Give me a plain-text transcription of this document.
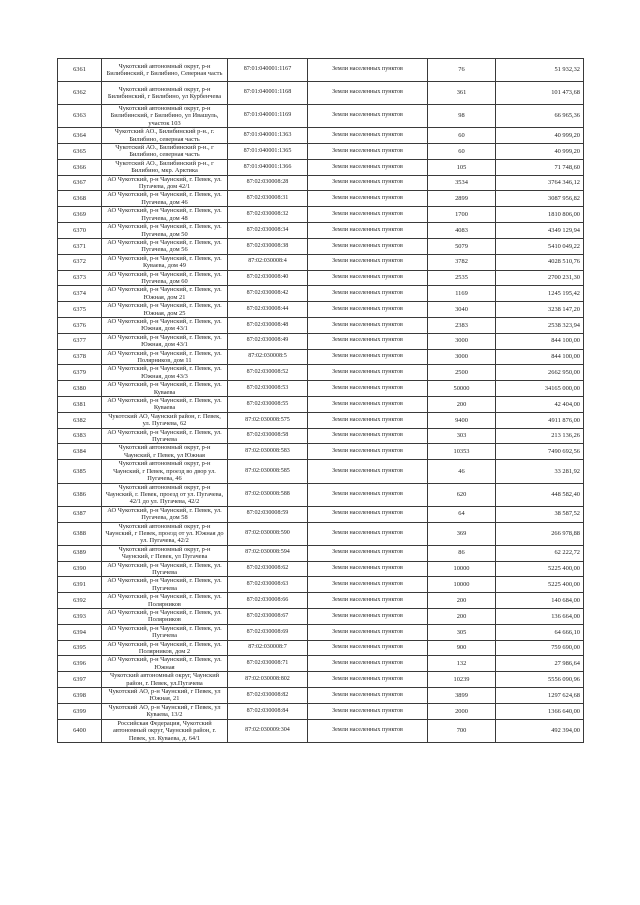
6361	Чукотский автономный округ, р-н Билибинский, г Билибино, Северная часть	87:01:040001:1167	Земли населенных пунктов	76	51 932,32
6362	Чукотский автономный округ, р-н Билибинский, г Билибино, ул Курбенчева	87:01:040001:1168	Земли населенных пунктов	361	101 473,68
6363	Чукотский автономный округ, р-н Билибинский, г Билибино, ул Ивашуль, участок 103	87:01:040001:1169	Земли населенных пунктов	98	66 965,36
6364	Чукотский АО., Билибинский р-н., г. Билибино, северная часть	87:01:040001:1363	Земли населенных пунктов	60	40 999,20
6365	Чукотский АО., Билибинский р-н., г Билибино, северная часть	87:01:040001:1365	Земли населенных пунктов	60	40 999,20
6366	Чукотский АО., Билибинский р-н., г Билибино, мкр. Арктика	87:01:040001:1366	Земли населенных пунктов	105	71 748,60
6367	АО Чукотский, р-н Чаунский, г. Певек, ул. Пугачева, дом 42/1	87:02:030008:28	Земли населенных пунктов	3534	3764 346,12
6368	АО Чукотский, р-н Чаунский, г. Певек, ул. Пугачева, дом 46	87:02:030008:31	Земли населенных пунктов	2899	3087 956,82
6369	АО Чукотский, р-н Чаунский, г. Певек, ул. Пугачева, дом 48	87:02:030008:32	Земли населенных пунктов	1700	1810 806,00
6370	АО Чукотский, р-н Чаунский, г. Певек, ул. Пугачева, дом 50	87:02:030008:34	Земли населенных пунктов	4083	4349 129,94
6371	АО Чукотский, р-н Чаунский, г. Певек, ул. Пугачева, дом 56	87:02:030008:38	Земли населенных пунктов	5079	5410 049,22
6372	АО Чукотский, р-н Чаунский, г. Певек, ул. Куваева, дом 49	87:02:030008:4	Земли населенных пунктов	3782	4028 510,76
6373	АО Чукотский, р-н Чаунский, г. Певек, ул. Пугачева, дом 60	87:02:030008:40	Земли населенных пунктов	2535	2700 231,30
6374	АО Чукотский, р-н Чаунский, г. Певек, ул. Южная, дом 21	87:02:030008:42	Земли населенных пунктов	1169	1245 195,42
6375	АО Чукотский, р-н Чаунский, г. Певек, ул. Южная, дом 25	87:02:030008:44	Земли населенных пунктов	3040	3238 147,20
6376	АО Чукотский, р-н Чаунский, г. Певек, ул. Южная, дом 43/1	87:02:030008:48	Земли населенных пунктов	2383	2538 323,94
6377	АО Чукотский, р-н Чаунский, г. Певек, ул. Южная, дом 43/1	87:02:030008:49	Земли населенных пунктов	3000	844 100,00
6378	АО Чукотский, р-н Чаунский, г. Певек, ул. Полярников, дом 11	87:02:030008:5	Земли населенных пунктов	3000	844 100,00
6379	АО Чукотский, р-н Чаунский, г. Певек, ул. Южная, дом 43/3	87:02:030008:52	Земли населенных пунктов	2500	2662 950,00
6380	АО Чукотский, р-н Чаунский, г. Певек, ул. Куваева	87:02:030008:53	Земли населенных пунктов	50000	34165 000,00
6381	АО Чукотский, р-н Чаунский, г. Певек, ул. Куваева	87:02:030008:55	Земли населенных пунктов	200	42 404,00
6382	Чукотский АО, Чаунский район, г. Певек, ул. Пугачева, 62	87:02:030008:575	Земли населенных пунктов	9400	4911 876,00
6383	АО Чукотский, р-н Чаунский, г. Певек, ул. Пугачева	87:02:030008:58	Земли населенных пунктов	303	213 136,26
6384	Чукотский автономный округ, р-н Чаунский, г Певек, ул Южная	87:02:030008:583	Земли населенных пунктов	10353	7490 692,56
6385	Чукотский автономный округ, р-н Чаунский, г Певек, проезд во двор ул. Пугачева, 46	87:02:030008:585	Земли населенных пунктов	46	33 281,92
6386	Чукотский автономный округ, р-н Чаунский, г. Певек, проезд от ул. Пугачева, 42/1 до ул. Пугачева, 42/2	87:02:030008:588	Земли населенных пунктов	620	448 582,40
6387	АО Чукотский, р-н Чаунский, г. Певек, ул. Пугачева, дом 58	87:02:030008:59	Земли населенных пунктов	64	38 587,52
6388	Чукотский автономный округ, р-н Чаунский, г Певек, проезд от ул. Южная до ул. Пугачева, 42/2	87:02:030008:590	Земли населенных пунктов	369	266 978,88
6389	Чукотский автономный округ, р-н Чаунский, г Певек, ул Пугачева	87:02:030008:594	Земли населенных пунктов	86	62 222,72
6390	АО Чукотский, р-н Чаунский, г. Певек, ул. Пугачева	87:02:030008:62	Земли населенных пунктов	10000	5225 400,00
6391	АО Чукотский, р-н Чаунский, г. Певек, ул. Пугачева	87:02:030008:63	Земли населенных пунктов	10000	5225 400,00
6392	АО Чукотский, р-н Чаунский, г. Певек, ул. Полярников	87:02:030008:66	Земли населенных пунктов	200	140 684,00
6393	АО Чукотский, р-н Чаунский, г. Певек, ул. Полярников	87:02:030008:67	Земли населенных пунктов	200	136 664,00
6394	АО Чукотский, р-н Чаунский, г. Певек, ул. Пугачева	87:02:030008:69	Земли населенных пунктов	305	64 666,10
6395	АО Чукотский, р-н Чаунский, г. Певек, ул. Полярников, дом 2	87:02:030008:7	Земли населенных пунктов	900	759 690,00
6396	АО Чукотский, р-н Чаунский, г. Певек, ул. Южная	87:02:030008:71	Земли населенных пунктов	132	27 986,64
6397	Чукотский автономный округ, Чаунский район, г. Певек, ул.Пугачева	87:02:030008:802	Земли населенных пунктов	10239	5556 090,96
6398	Чукотский АО, р-н Чаунский, г Певек, ул Южная, 21	87:02:030008:82	Земли населенных пунктов	3899	1297 624,68
6399	Чукотский АО, р-н Чаунский, г Певек, ул Куваева, 13/2	87:02:030008:84	Земли населенных пунктов	2000	1366 640,00
6400	Российская Федерация, Чукотский автономный округ, Чаунский район, г. Певек, ул. Куваева, д. 64/1	87:02:030009:304	Земли населенных пунктов	700	492 394,00
